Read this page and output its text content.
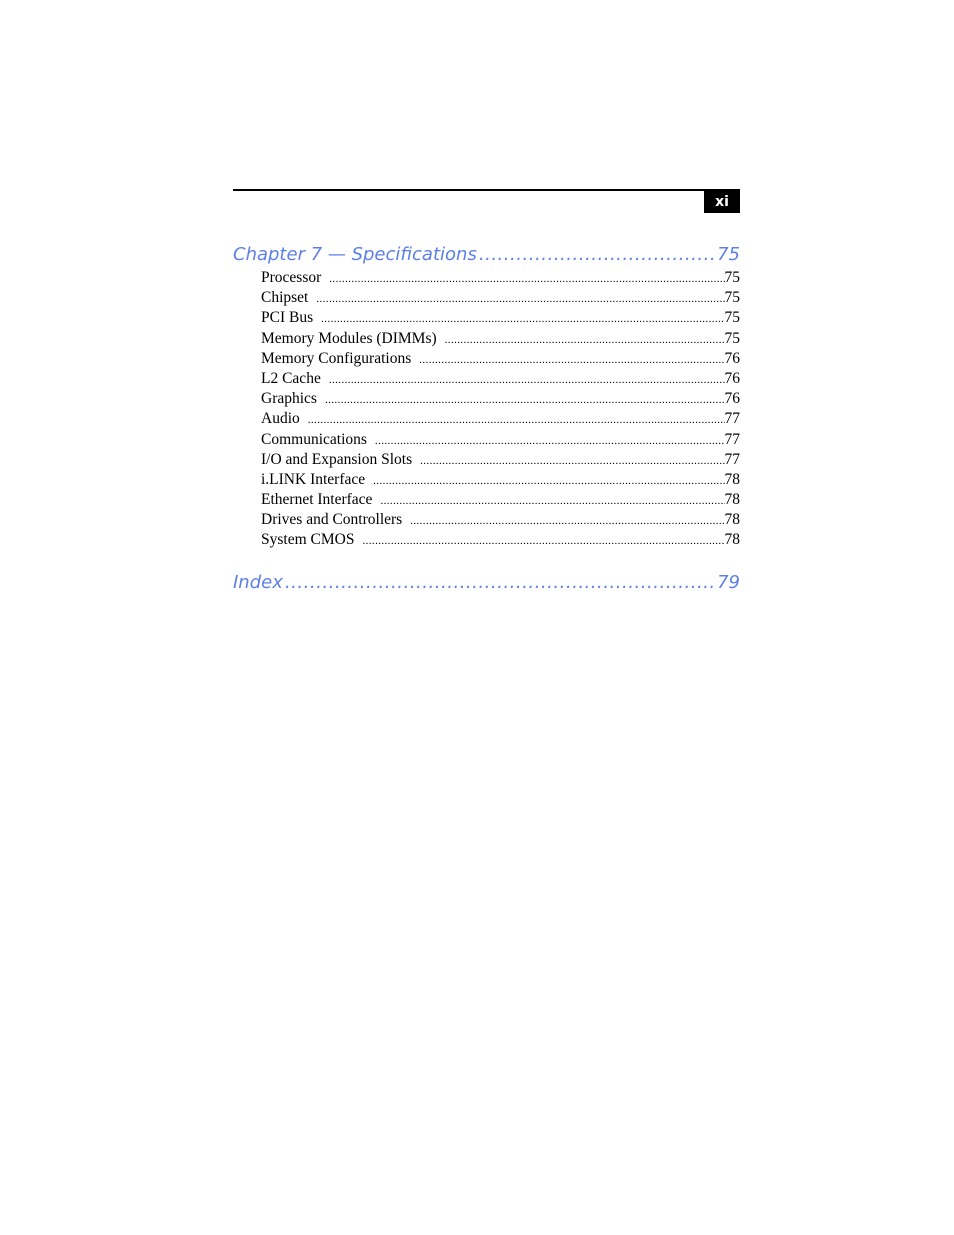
xi
Chapter 7 — Specifications . . .	75
Processor .....	75
Chipset .....	75
PCI Bus .....	75
Memory Modules (DIMMs) .....	75
Memory Configurations .....	76
L2 Cache .....	76
Graphics .....	76
Audio .....	77
Communications .....	77
I/O and Expansion Slots .....	77
i.LINK Interface .....	78
Ethernet Interface .....	78
Drives and Controllers .....	78
System CMOS .....	78
Index . . .	79
